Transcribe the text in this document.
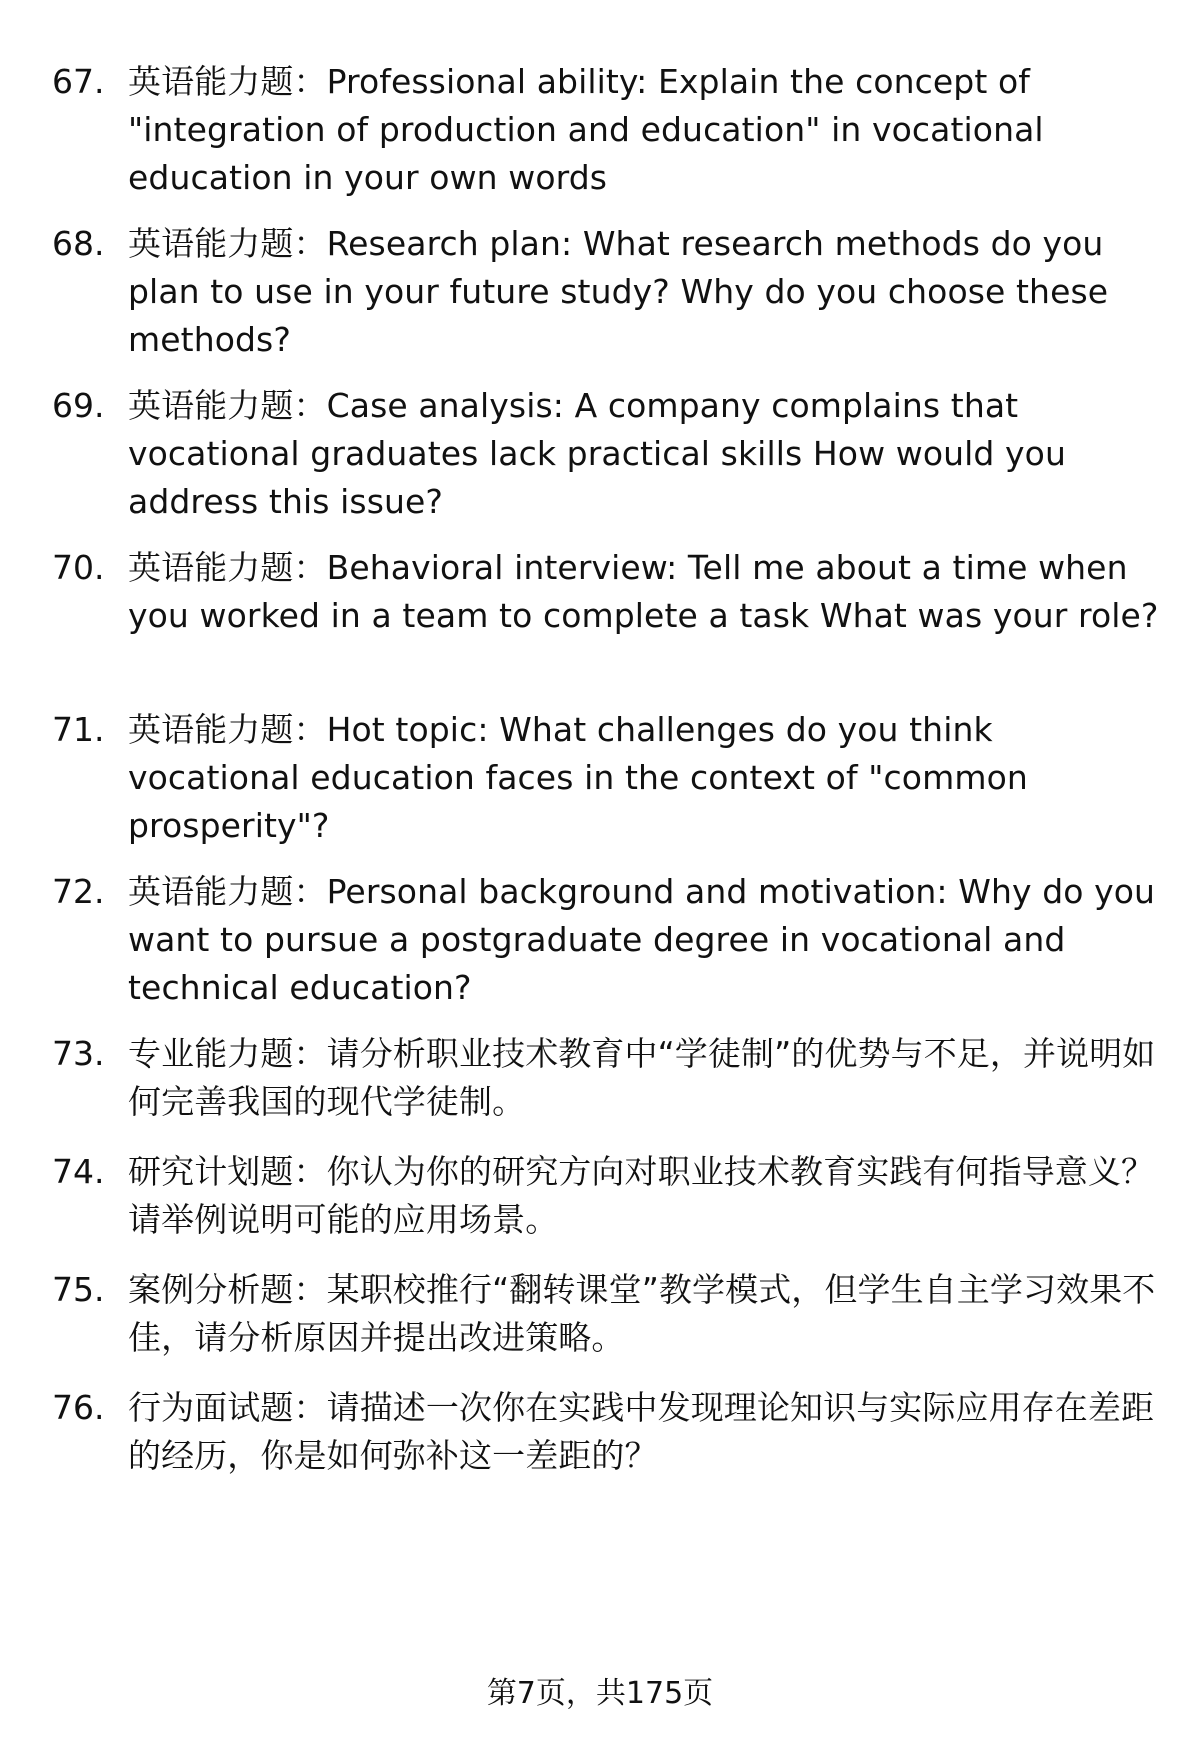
67. 英语能力题：Professional ability: Explain the concept of "integration of production and education" in vocational education in your own words
68. 英语能力题：Research plan: What research methods do you plan to use in your future study? Why do you choose these methods?
69. 英语能力题：Case analysis: A company complains that vocational graduates lack practical skills How would you address this issue?
70. 英语能力题：Behavioral interview: Tell me about a time when you worked in a team to complete a task What was your role?
71. 英语能力题：Hot topic: What challenges do you think vocational education faces in the context of "common prosperity"?
72. 英语能力题：Personal background and motivation: Why do you want to pursue a postgraduate degree in vocational and technical education?
73. 专业能力题：请分析职业技术教育中“学徒制”的优势与不足，并说明如何完善我国的现代学徒制。
74. 研究计划题：你认为你的研究方向对职业技术教育实践有何指导意义？请举例说明可能的应用场景。
75. 案例分析题：某职校推行“翻转课堂”教学模式，但学生自主学习效果不佳，请分析原因并提出改进策略。
76. 行为面试题：请描述一次你在实践中发现理论知识与实际应用存在差距的经历，你是如何弥补这一差距的？
第7页，共175页
